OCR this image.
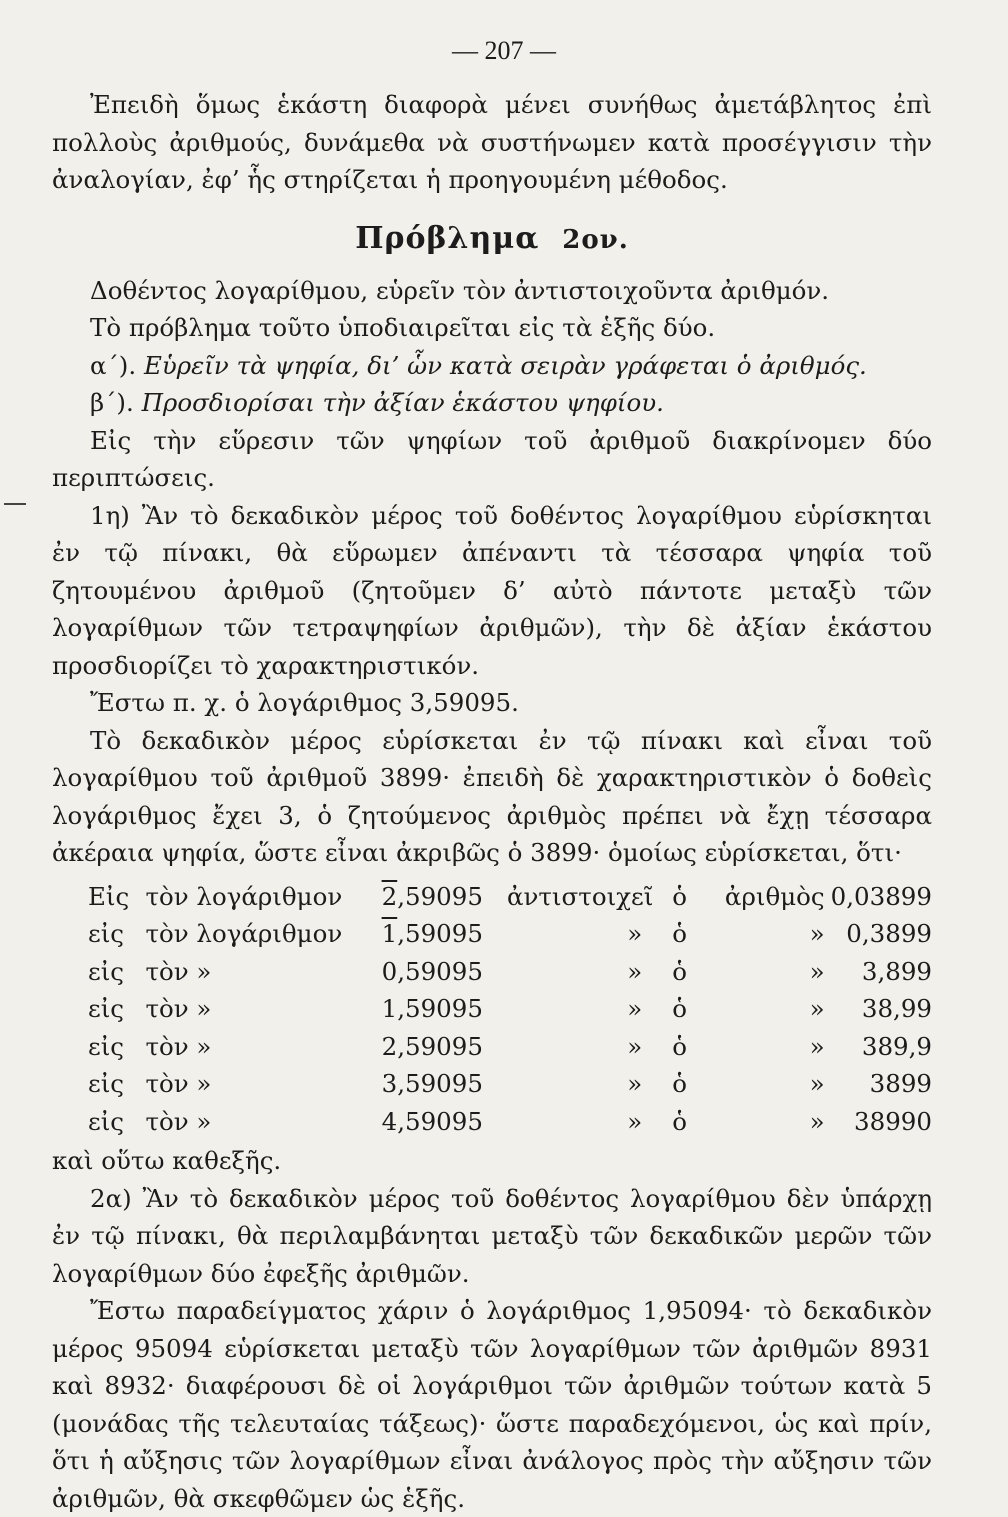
— 207 —

Ἐπειδὴ ὅμως ἑκάστη διαφορὰ μένει συνήθως ἀμετάβλητος ἐπὶ πολλοὺς ἀριθμούς, δυνάμεθα νὰ συστήνωμεν κατὰ προσέγγισιν τὴν ἀναλογίαν, ἐφ’ ἧς στηρίζεται ἡ προηγουμένη μέθοδος.

Πρόβλημα 2ον.

Δοθέντος λογαρίθμου, εὑρεῖν τὸν ἀντιστοιχοῦντα ἀριθμόν.

Τὸ πρόβλημα τοῦτο ὑποδιαιρεῖται εἰς τὰ ἑξῆς δύο.

α΄). Εὑρεῖν τὰ ψηφία, δι’ ὧν κατὰ σειρὰν γράφεται ὁ ἀριθμός.

β΄). Προσδιορίσαι τὴν ἀξίαν ἑκάστου ψηφίου.

Εἰς τὴν εὕρεσιν τῶν ψηφίων τοῦ ἀριθμοῦ διακρίνομεν δύο περιπτώσεις.

1η) Ἂν τὸ δεκαδικὸν μέρος τοῦ δοθέντος λογαρίθμου εὑρίσκηται ἐν τῷ πίνακι, θὰ εὕρωμεν ἀπέναντι τὰ τέσσαρα ψηφία τοῦ ζητουμένου ἀριθμοῦ (ζητοῦμεν δ’ αὐτὸ πάντοτε μεταξὺ τῶν λογαρίθμων τῶν τετραψηφίων ἀριθμῶν), τὴν δὲ ἀξίαν ἑκάστου προσδιορίζει τὸ χαρακτηριστικόν.

Ἔστω π. χ. ὁ λογάριθμος 3,59095.

Τὸ δεκαδικὸν μέρος εὑρίσκεται ἐν τῷ πίνακι καὶ εἶναι τοῦ λογαρίθμου τοῦ ἀριθμοῦ 3899· ἐπειδὴ δὲ χαρακτηριστικὸν ὁ δοθεὶς λογάριθμος ἔχει 3, ὁ ζητούμενος ἀριθμὸς πρέπει νὰ ἔχῃ τέσσαρα ἀκέραια ψηφία, ὥστε εἶναι ἀκριβῶς ὁ 3899· ὁμοίως εὑρίσκεται, ὅτι·

Εἰς	τὸν λογάριθμον	2,59095	ἀντιστοιχεῖ	ὁ	ἀριθμὸς	0,03899
εἰς	τὸν λογάριθμον	1,59095	»	ὁ	»	0,3899
εἰς	τὸν »	0,59095	»	ὁ	»	3,899
εἰς	τὸν »	1,59095	»	ὁ	»	38,99
εἰς	τὸν »	2,59095	»	ὁ	»	389,9
εἰς	τὸν »	3,59095	»	ὁ	»	3899
εἰς	τὸν »	4,59095	»	ὁ	»	38990

καὶ οὕτω καθεξῆς.

2α) Ἂν τὸ δεκαδικὸν μέρος τοῦ δοθέντος λογαρίθμου δὲν ὑπάρχῃ ἐν τῷ πίνακι, θὰ περιλαμβάνηται μεταξὺ τῶν δεκαδικῶν μερῶν τῶν λογαρίθμων δύο ἐφεξῆς ἀριθμῶν.

Ἔστω παραδείγματος χάριν ὁ λογάριθμος 1,95094· τὸ δεκαδικὸν μέρος 95094 εὑρίσκεται μεταξὺ τῶν λογαρίθμων τῶν ἀριθμῶν 8931 καὶ 8932· διαφέρουσι δὲ οἱ λογάριθμοι τῶν ἀριθμῶν τούτων κατὰ 5 (μονάδας τῆς τελευταίας τάξεως)· ὥστε παραδεχόμενοι, ὡς καὶ πρίν, ὅτι ἡ αὔξησις τῶν λογαρίθμων εἶναι ἀνάλογος πρὸς τὴν αὔξησιν τῶν ἀριθμῶν, θὰ σκεφθῶμεν ὡς ἑξῆς.
